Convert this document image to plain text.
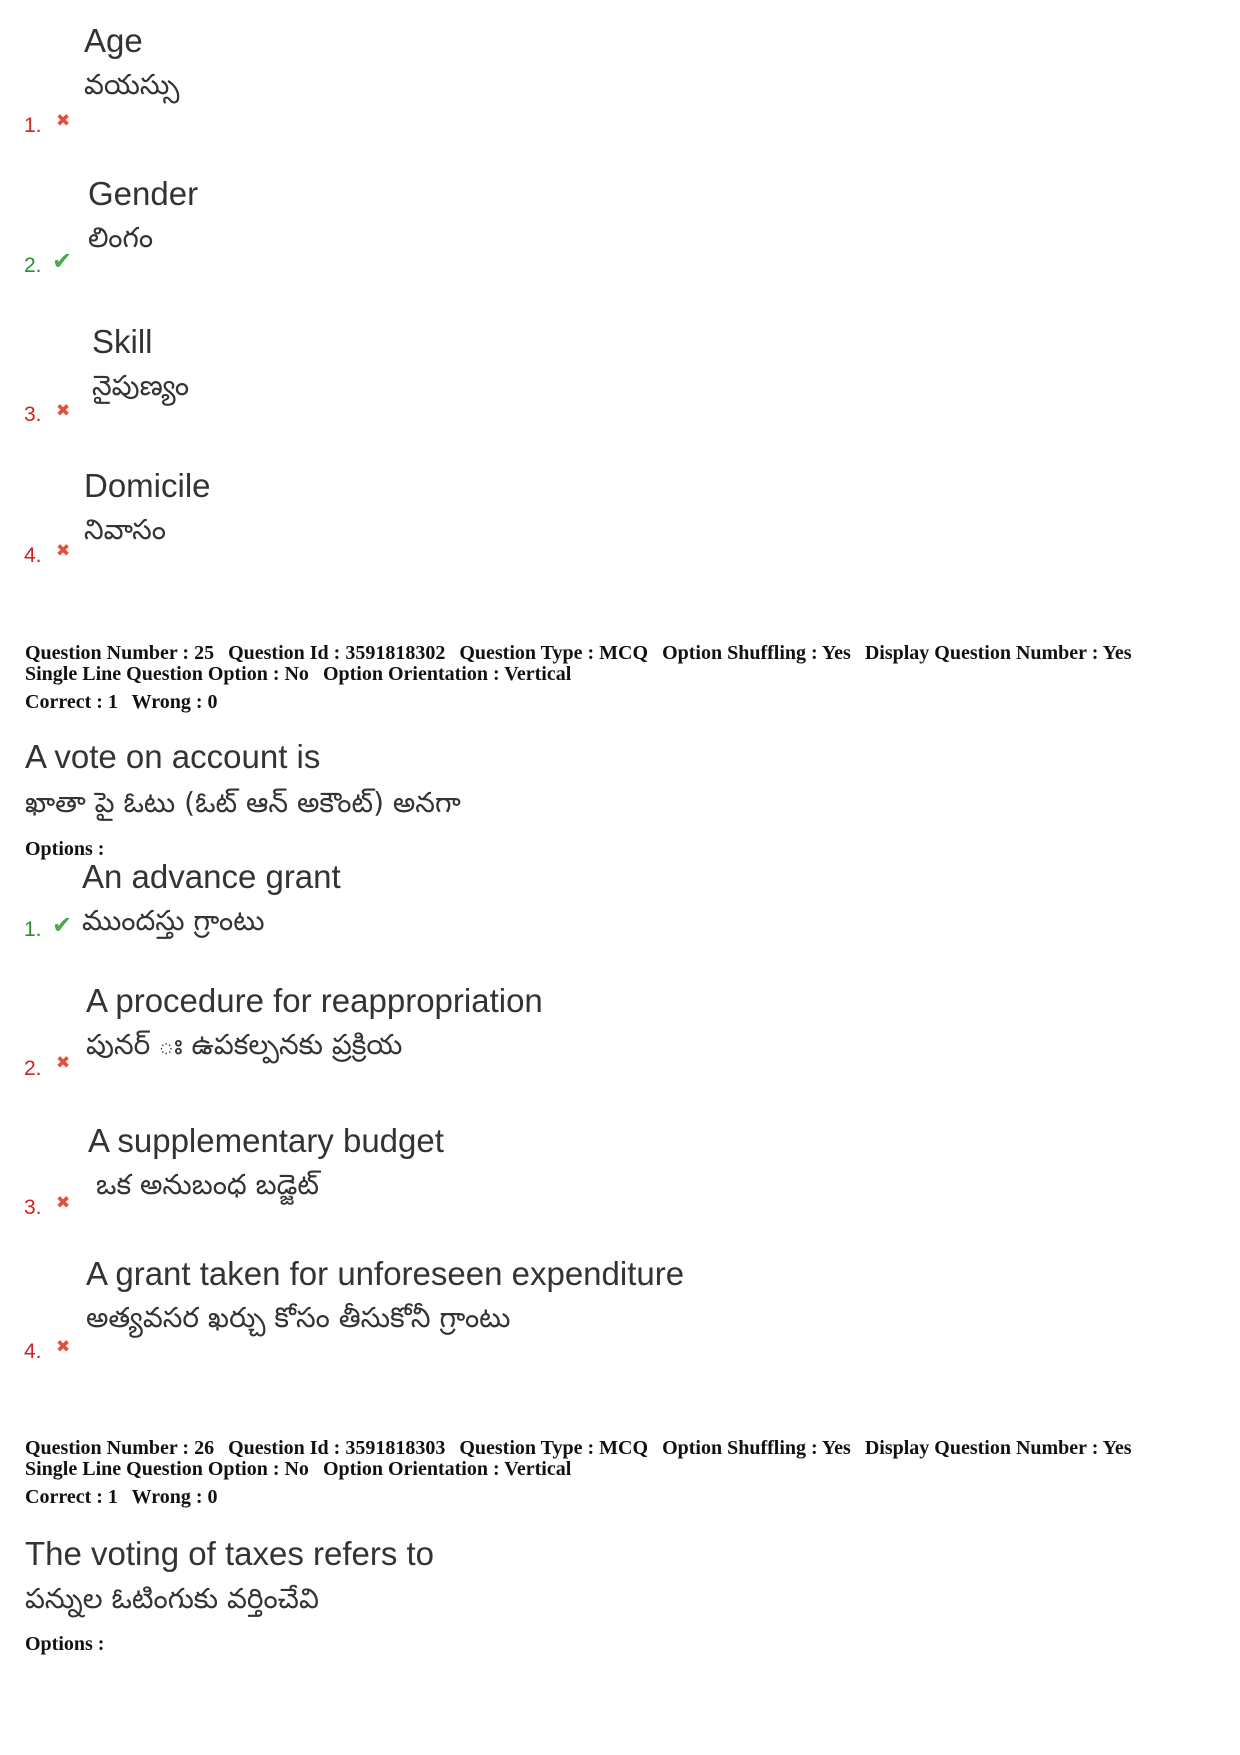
Age
వయస్సు
1. ✖
Gender
లింగం
2. ✔
Skill
నైపుణ్యం
3. ✖
Domicile
నివాసం
4. ✖
Question Number : 25 Question Id : 3591818302 Question Type : MCQ Option Shuffling : Yes Display Question Number : Yes
Single Line Question Option : No Option Orientation : Vertical
Correct : 1 Wrong : 0
A vote on account is
ఖాతా పై ఓటు (ఓట్ ఆన్ అకౌంట్) అనగా
Options :
An advance grant
ముందస్తు గ్రాంటు
1. ✔
A procedure for reappropriation
పునర్ ః ఉపకల్పనకు ప్రక్రియ
2. ✖
A supplementary budget
ఒక అనుబంధ బడ్జెట్
3. ✖
A grant taken for unforeseen expenditure
అత్యవసర ఖర్చు కోసం తీసుకోనీ గ్రాంటు
4. ✖
Question Number : 26 Question Id : 3591818303 Question Type : MCQ Option Shuffling : Yes Display Question Number : Yes
Single Line Question Option : No Option Orientation : Vertical
Correct : 1 Wrong : 0
The voting of taxes refers to
పన్నుల ఓటింగుకు వర్తించేవి
Options :
